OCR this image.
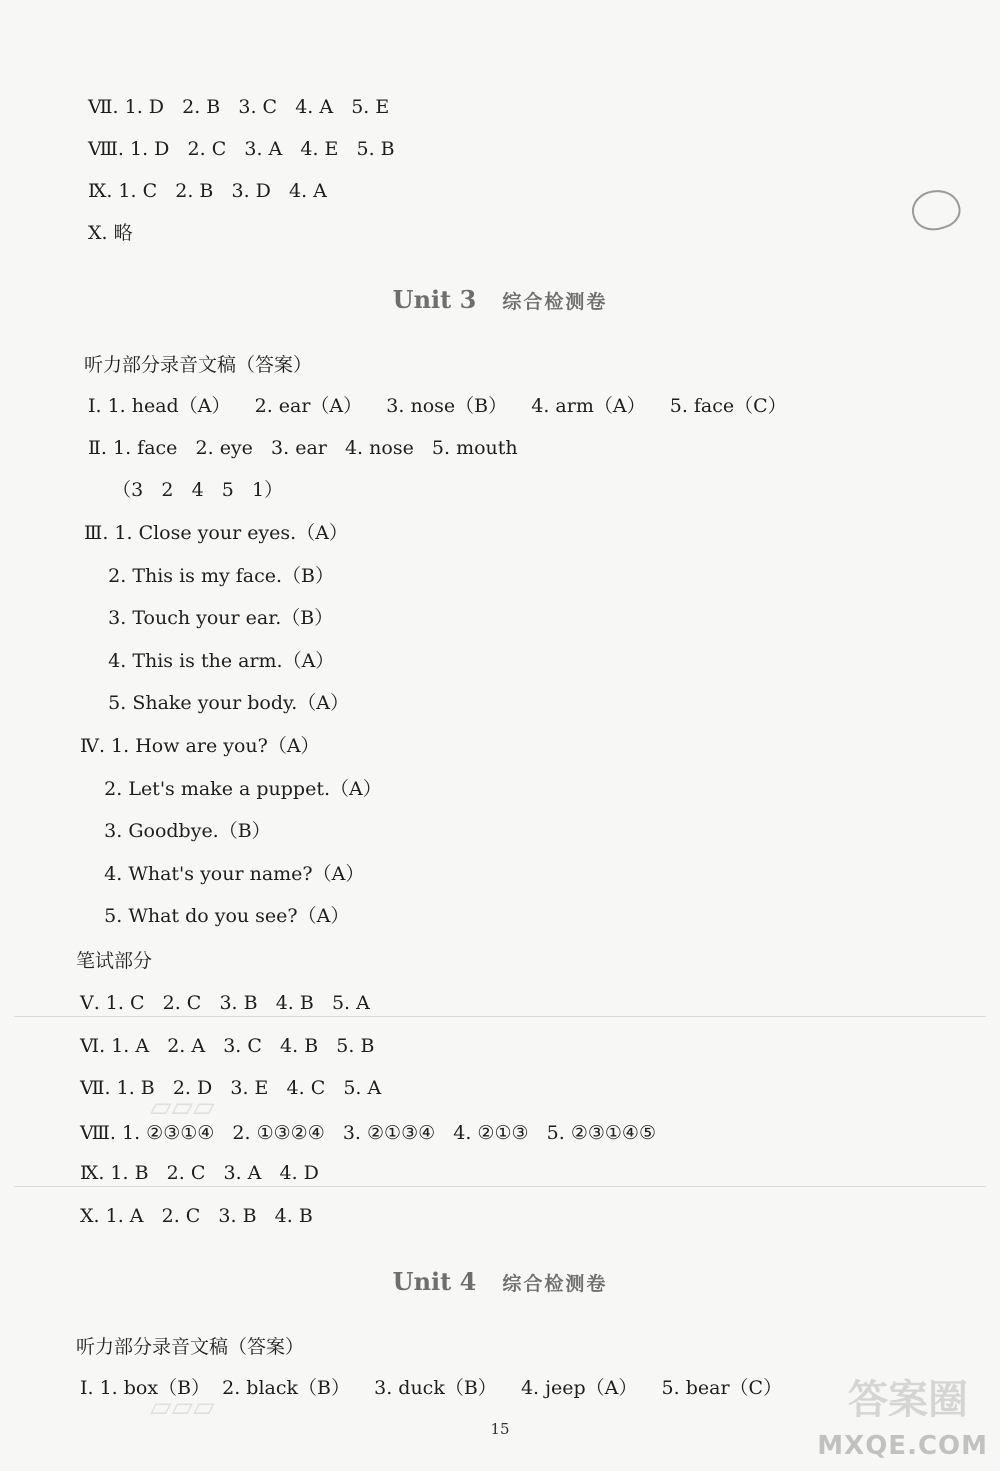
Ⅶ. 1. D   2. B   3. C   4. A   5. E
Ⅷ. 1. D   2. C   3. A   4. E   5. B
Ⅸ. 1. C   2. B   3. D   4. A
Ⅹ. 略
Unit 3 综合检测卷
听力部分录音文稿（答案）
Ⅰ. 1. head（A）    2. ear（A）    3. nose（B）    4. arm（A）    5. face（C）
Ⅱ. 1. face   2. eye   3. ear   4. nose   5. mouth
（3   2   4   5   1）
Ⅲ. 1. Close your eyes.（A）
2. This is my face.（B）
3. Touch your ear.（B）
4. This is the arm.（A）
5. Shake your body.（A）
Ⅳ. 1. How are you?（A）
2. Let's make a puppet.（A）
3. Goodbye.（B）
4. What's your name?（A）
5. What do you see?（A）
笔试部分
Ⅴ. 1. C   2. C   3. B   4. B   5. A
Ⅵ. 1. A   2. A   3. C   4. B   5. B
Ⅶ. 1. B   2. D   3. E   4. C   5. A
▱▱▱
Ⅷ. 1. ②③①④   2. ①③②④   3. ②①③④   4. ②①③   5. ②③①④⑤
Ⅸ. 1. B   2. C   3. A   4. D
Ⅹ. 1. A   2. C   3. B   4. B
Unit 4 综合检测卷
听力部分录音文稿（答案）
Ⅰ. 1. box（B）  2. black（B）    3. duck（B）    4. jeep（A）    5. bear（C）
▱▱▱
15
答案圈
MXQE.COM
